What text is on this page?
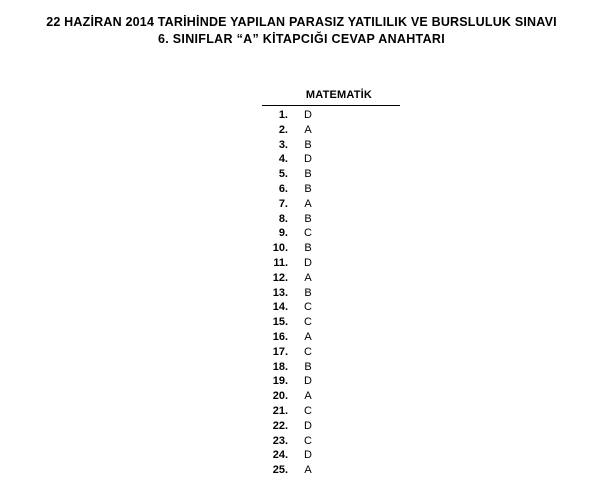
22 HAZİRAN 2014 TARİHİNDE YAPILAN PARASIZ YATILILIK VE BURSLULUK SINAVI
6. SINIFLAR “A” KİTAPCIĞI CEVAP ANAHTARI
MATEMATİK
1.	D
2.	A
3.	B
4.	D
5.	B
6.	B
7.	A
8.	B
9.	C
10.	B
11.	D
12.	A
13.	B
14.	C
15.	C
16.	A
17.	C
18.	B
19.	D
20.	A
21.	C
22.	D
23.	C
24.	D
25.	A
